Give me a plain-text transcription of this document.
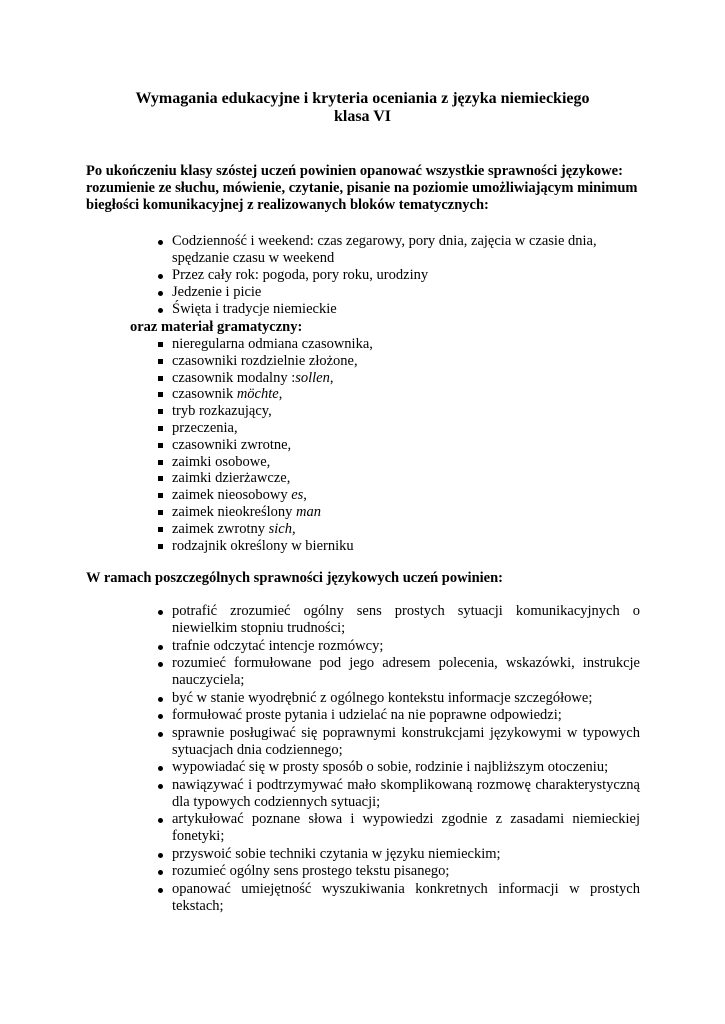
Wymagania edukacyjne i kryteria oceniania z języka niemieckiego
klasa VI
Po ukończeniu klasy szóstej uczeń powinien opanować wszystkie sprawności językowe: rozumienie ze słuchu, mówienie, czytanie, pisanie na poziomie umożliwiającym minimum biegłości komunikacyjnej z realizowanych bloków tematycznych:
Codzienność i weekend: czas zegarowy, pory dnia, zajęcia w czasie dnia, spędzanie czasu w weekend
Przez cały rok: pogoda, pory roku, urodziny
Jedzenie i picie
Święta i tradycje niemieckie
oraz materiał gramatyczny:
nieregularna odmiana czasownika,
czasowniki rozdzielnie złożone,
czasownik modalny :sollen,
czasownik möchte,
tryb rozkazujący,
przeczenia,
czasowniki zwrotne,
zaimki osobowe,
zaimki dzierżawcze,
zaimek nieosobowy es,
zaimek nieokreślony man
zaimek zwrotny sich,
rodzajnik określony w bierniku
W ramach poszczególnych sprawności językowych uczeń powinien:
potrafić zrozumieć ogólny sens prostych sytuacji komunikacyjnych o niewielkim stopniu trudności;
trafnie odczytać intencje rozmówcy;
rozumieć formułowane pod jego adresem polecenia, wskazówki, instrukcje nauczyciela;
być w stanie wyodrębnić z ogólnego kontekstu informacje szczegółowe;
formułować proste pytania i udzielać na nie poprawne odpowiedzi;
sprawnie posługiwać się poprawnymi konstrukcjami językowymi w typowych sytuacjach dnia codziennego;
wypowiadać się w prosty sposób o sobie, rodzinie i najbliższym otoczeniu;
nawiązywać i podtrzymywać mało skomplikowaną rozmowę charakterystyczną dla typowych codziennych sytuacji;
artykułować poznane słowa i wypowiedzi zgodnie z zasadami niemieckiej fonetyki;
przyswoić sobie techniki czytania w języku niemieckim;
rozumieć ogólny sens prostego tekstu pisanego;
opanować umiejętność wyszukiwania konkretnych informacji w prostych tekstach;
